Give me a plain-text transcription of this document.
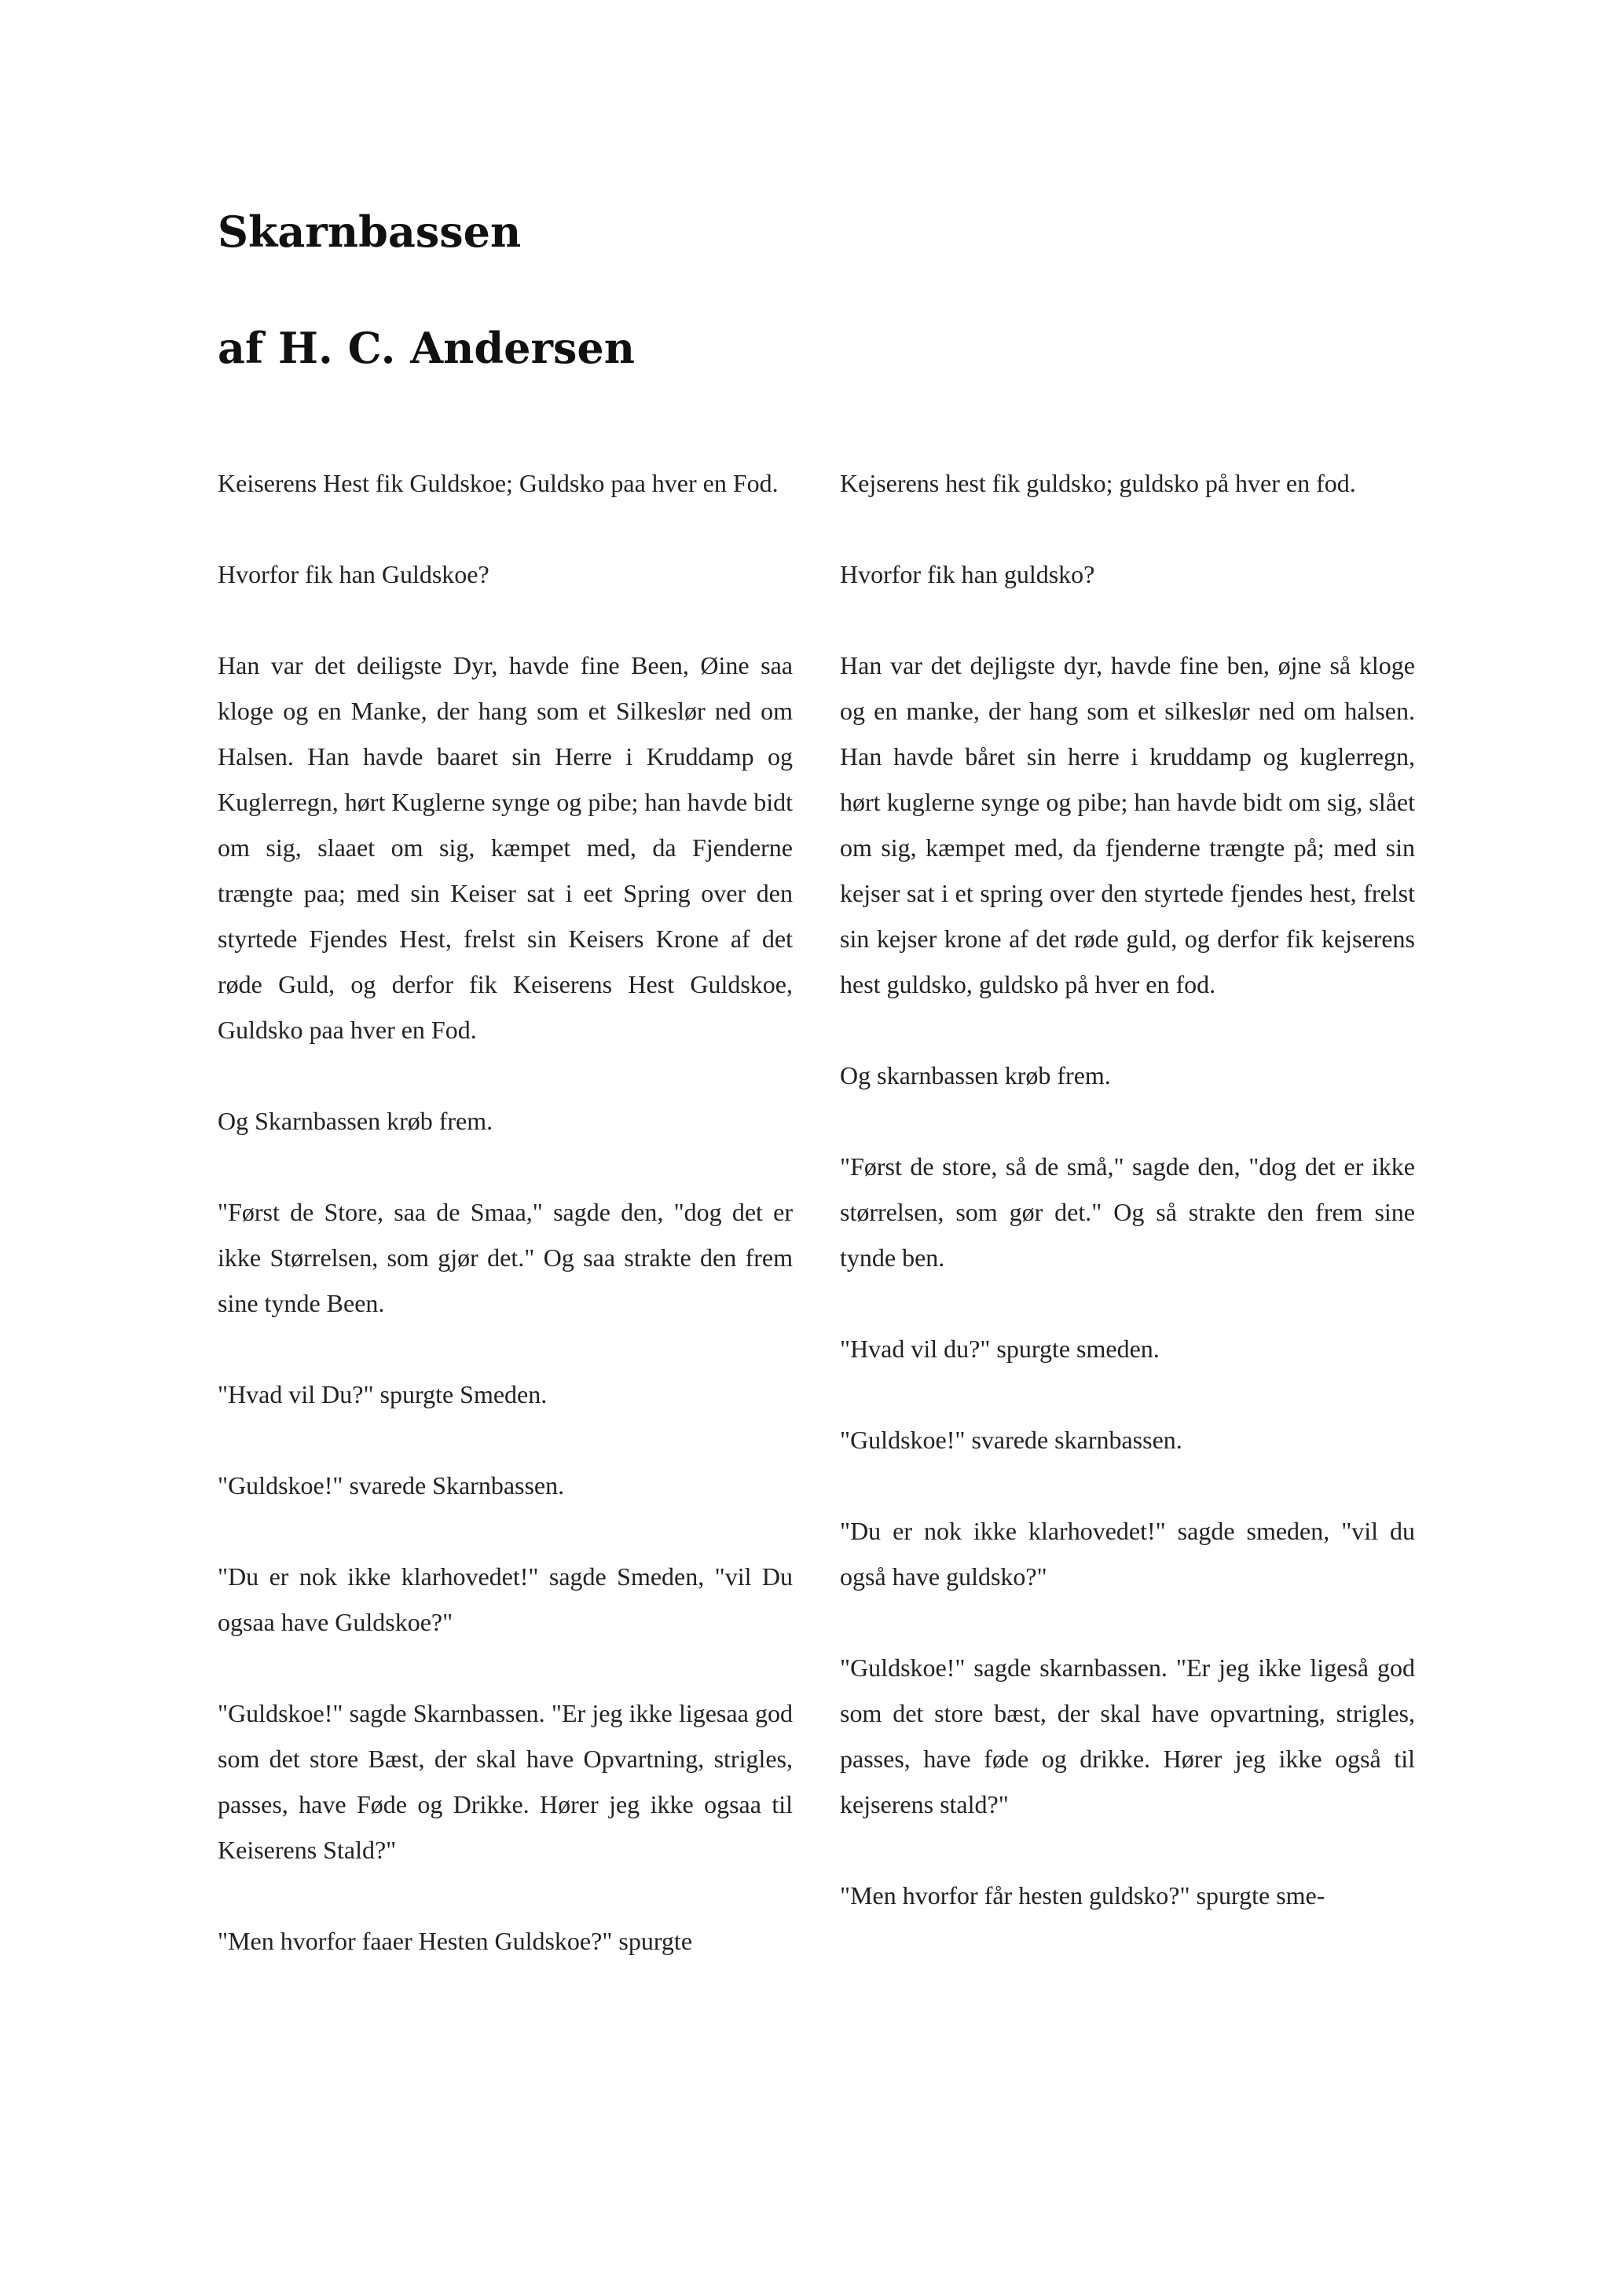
Skarnbassen
af H. C. Andersen

Keiserens Hest fik Guldskoe; Guldsko paa hver en Fod.

Hvorfor fik han Guldskoe?

Han var det deiligste Dyr, havde fine Been, Øine saa kloge og en Manke, der hang som et Silkeslør ned om Halsen. Han havde baaret sin Herre i Kruddamp og Kuglerregn, hørt Kuglerne synge og pibe; han havde bidt om sig, slaaet om sig, kæmpet med, da Fjenderne trængte paa; med sin Keiser sat i eet Spring over den styrtede Fjendes Hest, frelst sin Keisers Krone af det røde Guld, og derfor fik Keiserens Hest Guldskoe, Guldsko paa hver en Fod.

Og Skarnbassen krøb frem.

"Først de Store, saa de Smaa," sagde den, "dog det er ikke Størrelsen, som gjør det." Og saa strakte den frem sine tynde Been.

"Hvad vil Du?" spurgte Smeden.

"Guldskoe!" svarede Skarnbassen.

"Du er nok ikke klarhovedet!" sagde Smeden, "vil Du ogsaa have Guldskoe?"

"Guldskoe!" sagde Skarnbassen. "Er jeg ikke ligesaa god som det store Bæst, der skal have Opvartning, strigles, passes, have Føde og Drikke. Hører jeg ikke ogsaa til Keiserens Stald?"

"Men hvorfor faaer Hesten Guldskoe?" spurgte

Kejserens hest fik guldsko; guldsko på hver en fod.

Hvorfor fik han guldsko?

Han var det dejligste dyr, havde fine ben, øjne så kloge og en manke, der hang som et silkeslør ned om halsen. Han havde båret sin herre i kruddamp og kuglerregn, hørt kuglerne synge og pibe; han havde bidt om sig, slået om sig, kæmpet med, da fjenderne trængte på; med sin kejser sat i et spring over den styrtede fjendes hest, frelst sin kejser krone af det røde guld, og derfor fik kejserens hest guldsko, guldsko på hver en fod.

Og skarnbassen krøb frem.

"Først de store, så de små," sagde den, "dog det er ikke størrelsen, som gør det." Og så strakte den frem sine tynde ben.

"Hvad vil du?" spurgte smeden.

"Guldskoe!" svarede skarnbassen.

"Du er nok ikke klarhovedet!" sagde smeden, "vil du også have guldsko?"

"Guldskoe!" sagde skarnbassen. "Er jeg ikke ligeså god som det store bæst, der skal have opvartning, strigles, passes, have føde og drikke. Hører jeg ikke også til kejserens stald?"

"Men hvorfor får hesten guldsko?" spurgte sme-
